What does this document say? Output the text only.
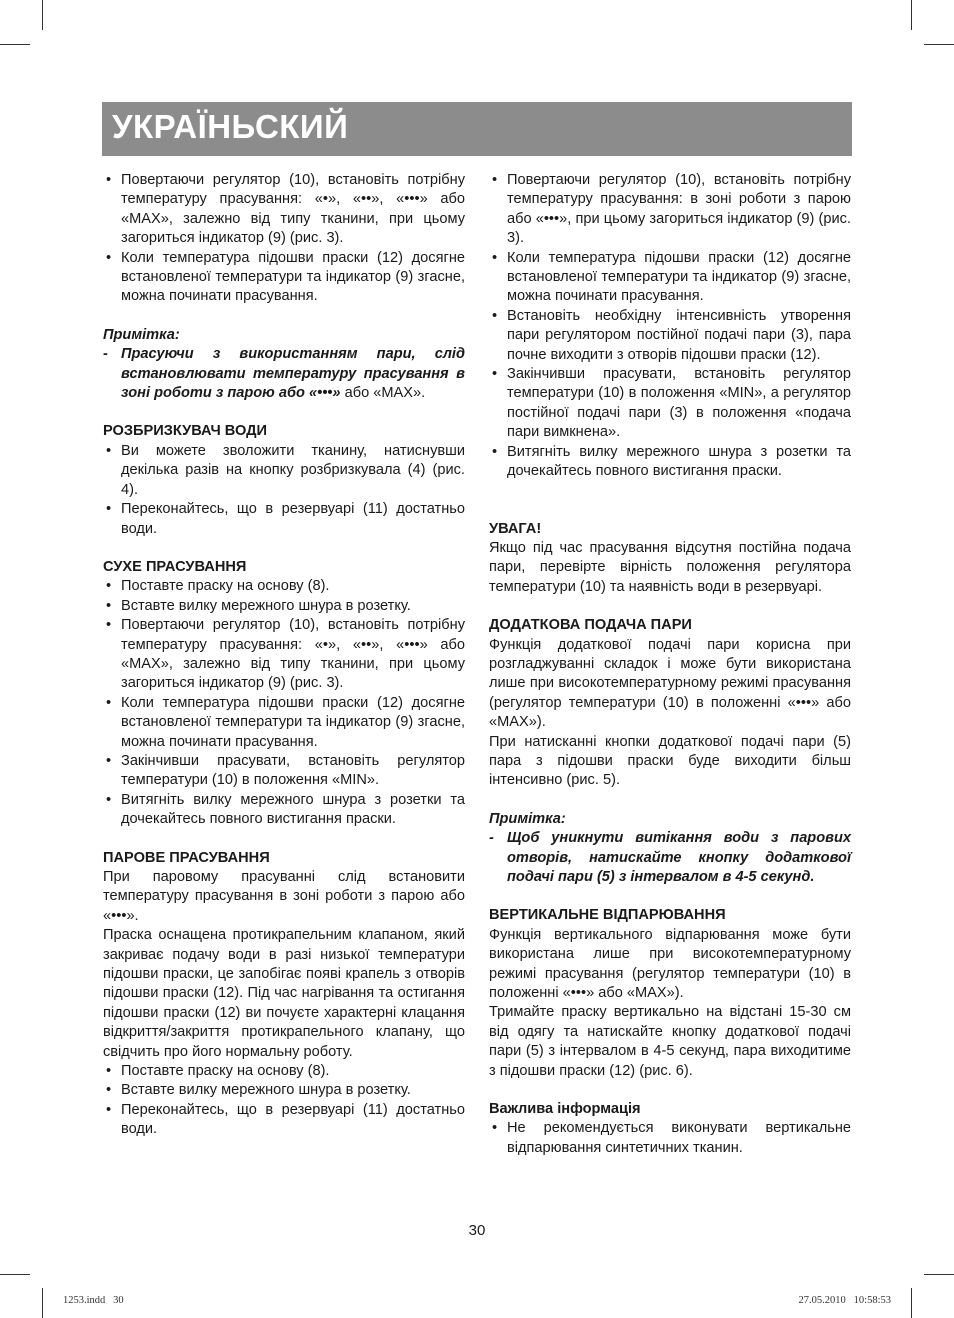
УКРАЇНЬСКИЙ

• Повертаючи регулятор (10), встановіть потрібну температуру прасування: «•», «••», «•••» або «MAX», залежно від типу тканини, при цьому загориться індикатор (9) (рис. 3).

• Коли температура підошви праски (12) досягне встановленої температури та індикатор (9) згасне, можна починати прасування.

Примітка:

- Прасуючи з використанням пари, слід встановлювати температуру прасування в зоні роботи з парою або «•••» або «MAX».

РОЗБРИЗКУВАЧ ВОДИ

• Ви можете зволожити тканину, натиснувши декілька разів на кнопку розбризкувала (4) (рис. 4).

• Переконайтесь, що в резервуарі (11) достатньо води.

СУХЕ ПРАСУВАННЯ

• Поставте праску на основу (8).

• Вставте вилку мережного шнура в розетку.

• Повертаючи регулятор (10), встановіть потрібну температуру прасування: «•», «••», «•••» або «MAX», залежно від типу тканини, при цьому загориться індикатор (9) (рис. 3).

• Коли температура підошви праски (12) досягне встановленої температури та індикатор (9) згасне, можна починати прасування.

• Закінчивши прасувати, встановіть регулятор температури (10) в положення «MIN».

• Витягніть вилку мережного шнура з розетки та дочекайтесь повного вистигання праски.

ПАРОВЕ ПРАСУВАННЯ

При паровому прасуванні слід встановити температуру прасування в зоні роботи з парою або «•••».

Праска оснащена протикрапельним клапаном, який закриває подачу води в разі низької температури підошви праски, це запобігає появі крапель з отворів підошви праски (12). Під час нагрівання та остигання підошви праски (12) ви почуєте характерні клацання відкриття/закриття протикрапельного клапану, що свідчить про його нормальну роботу.

• Поставте праску на основу (8).

• Вставте вилку мережного шнура в розетку.

• Переконайтесь, що в резервуарі (11) достатньо води.

• Повертаючи регулятор (10), встановіть потрібну температуру прасування: в зоні роботи з парою або «•••», при цьому загориться індикатор (9) (рис. 3).

• Коли температура підошви праски (12) досягне встановленої температури та індикатор (9) згасне, можна починати прасування.

• Встановіть необхідну інтенсивність утворення пари регулятором постійної подачі пари (3), пара почне виходити з отворів підошви праски (12).

• Закінчивши прасувати, встановіть регулятор температури (10) в положення «MIN», а регулятор постійної подачі пари (3) в положення «подача пари вимкнена».

• Витягніть вилку мережного шнура з розетки та дочекайтесь повного вистигання праски.

УВАГА!

Якщо під час прасування відсутня постійна подача пари, перевірте вірність положення регулятора температури (10) та наявність води в резервуарі.

ДОДАТКОВА ПОДАЧА ПАРИ

Функція додаткової подачі пари корисна при розгладжуванні складок і може бути використана лише при високотемпературному режимі прасування (регулятор температури (10) в положенні «•••» або «MAX»).

При натисканні кнопки додаткової подачі пари (5) пара з підошви праски буде виходити більш інтенсивно (рис. 5).

Примітка:

- Щоб уникнути витікання води з парових отворів, натискайте кнопку додаткової подачі пари (5) з інтервалом в 4-5 секунд.

ВЕРТИКАЛЬНЕ ВІДПАРЮВАННЯ

Функція вертикального відпарювання може бути використана лише при високотемпературному режимі прасування (регулятор температури (10) в положенні «•••» або «MAX»).

Тримайте праску вертикально на відстані 15-30 см від одягу та натискайте кнопку додаткової подачі пари (5) з інтервалом в 4-5 секунд, пара виходитиме з підошви праски (12) (рис. 6).

Важлива інформація

• Не рекомендується виконувати вертикальне відпарювання синтетичних тканин.

30
1253.indd   30	27.05.2010   10:58:53
